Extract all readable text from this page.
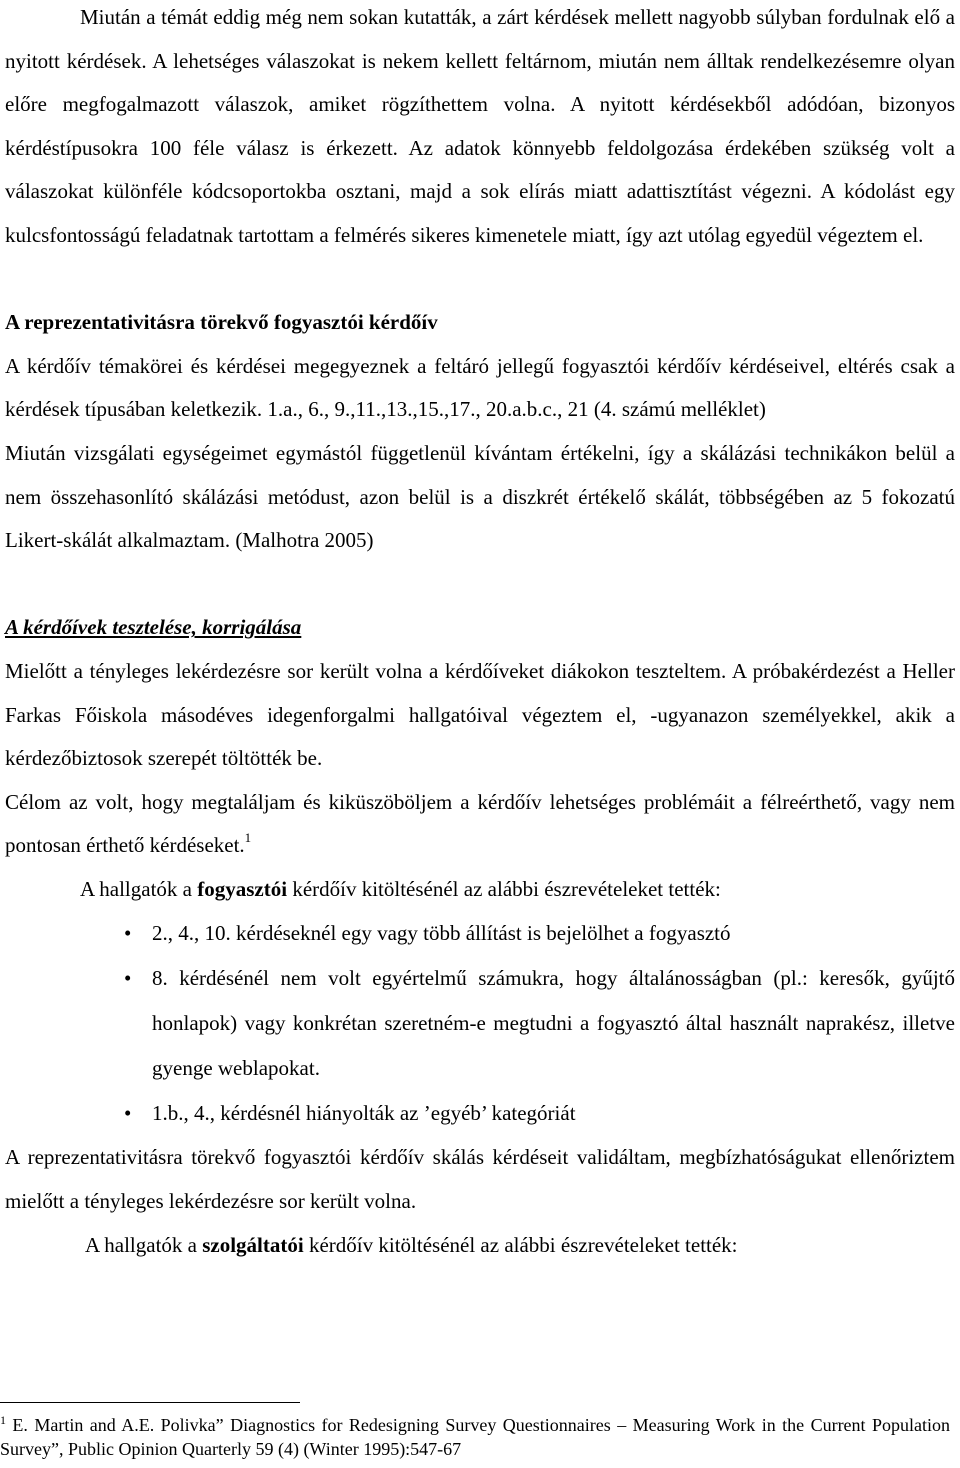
Miután a témát eddig még nem sokan kutatták, a zárt kérdések mellett nagyobb súlyban fordulnak elő a nyitott kérdések. A lehetséges válaszokat is nekem kellett feltárnom, miután nem álltak rendelkezésemre olyan előre megfogalmazott válaszok, amiket rögzíthettem volna. A nyitott kérdésekből adódóan, bizonyos kérdéstípusokra 100 féle válasz is érkezett. Az adatok könnyebb feldolgozása érdekében szükség volt a válaszokat különféle kódcsoportokba osztani, majd a sok elírás miatt adattisztítást végezni. A kódolást egy kulcsfontosságú feladatnak tartottam a felmérés sikeres kimenetele miatt, így azt utólag egyedül végeztem el.

A reprezentativitásra törekvő fogyasztói kérdőív

A kérdőív témakörei és kérdései megegyeznek a feltáró jellegű fogyasztói kérdőív kérdéseivel, eltérés csak a kérdések típusában keletkezik. 1.a., 6., 9.,11.,13.,15.,17., 20.a.b.c., 21 (4. számú melléklet)

Miután vizsgálati egységeimet egymástól függetlenül kívántam értékelni, így a skálázási technikákon belül a nem összehasonlító skálázási metódust, azon belül is a diszkrét értékelő skálát, többségében az 5 fokozatú Likert-skálát alkalmaztam. (Malhotra 2005)

A kérdőívek tesztelése, korrigálása

Mielőtt a tényleges lekérdezésre sor került volna a kérdőíveket diákokon teszteltem. A próbakérdezést a Heller Farkas Főiskola másodéves idegenforgalmi hallgatóival végeztem el, -ugyanazon személyekkel, akik a kérdezőbiztosok szerepét töltötték be.

Célom az volt, hogy megtaláljam és kiküszöböljem a kérdőív lehetséges problémáit a félreérthető, vagy nem pontosan érthető kérdéseket.$^1$

A hallgatók a fogyasztói kérdőív kitöltésénél az alábbi észrevételeket tették:

• 2., 4., 10. kérdéseknél egy vagy több állítást is bejelölhet a fogyasztó
• 8. kérdésénél nem volt egyértelmű számukra, hogy általánosságban (pl.: keresők, gyűjtő honlapok) vagy konkrétan szeretném-e megtudni a fogyasztó által használt naprakész, illetve gyenge weblapokat.
• 1.b., 4., kérdésnél hiányolták az ’egyéb’ kategóriát

A reprezentativitásra törekvő fogyasztói kérdőív skálás kérdéseit validáltam, megbízhatóságukat ellenőriztem mielőtt a tényleges lekérdezésre sor került volna.

A hallgatók a szolgáltatói kérdőív kitöltésénél az alábbi észrevételeket tették:

$^1$ E. Martin and A.E. Polivka” Diagnostics for Redesigning Survey Questionnaires – Measuring Work in the Current Population Survey”, Public Opinion Quarterly 59 (4) (Winter 1995):547-67
